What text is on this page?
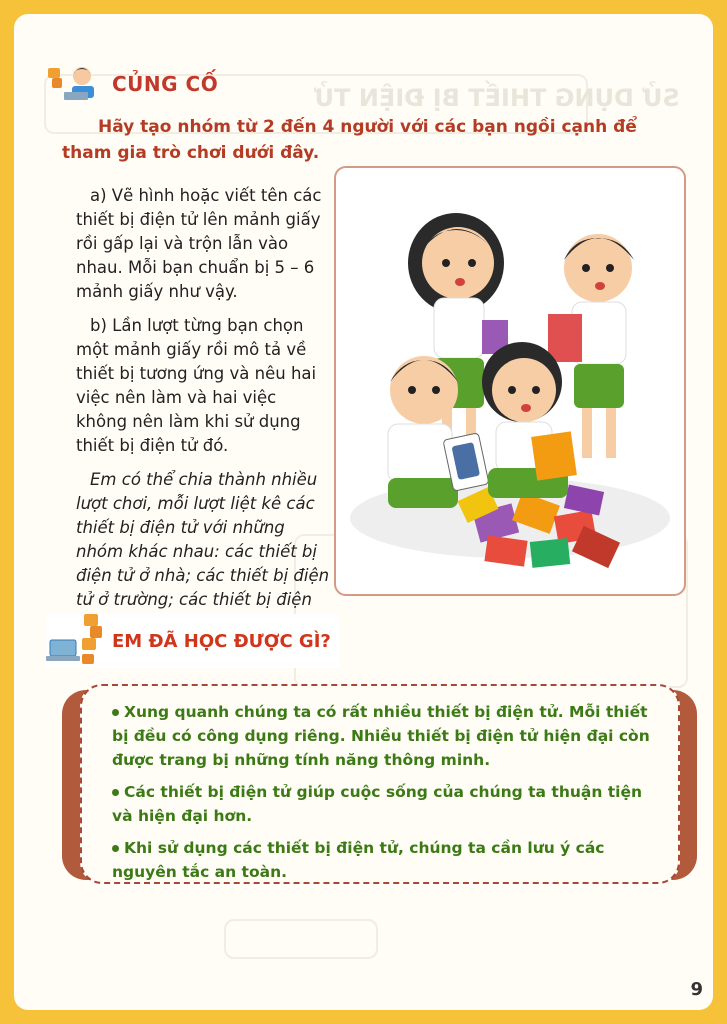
SỬ DỤNG THIẾT BỊ ĐIỆN TỬ
CỦNG CỐ
Hãy tạo nhóm từ 2 đến 4 người với các bạn ngồi cạnh để tham gia trò chơi dưới đây.

a) Vẽ hình hoặc viết tên các thiết bị điện tử lên mảnh giấy rồi gấp lại và trộn lẫn vào nhau. Mỗi bạn chuẩn bị 5 – 6 mảnh giấy như vậy.

b) Lần lượt từng bạn chọn một mảnh giấy rồi mô tả về thiết bị tương ứng và nêu hai việc nên làm và hai việc không nên làm khi sử dụng thiết bị điện tử đó.

Em có thể chia thành nhiều lượt chơi, mỗi lượt liệt kê các thiết bị điện tử với những nhóm khác nhau: các thiết bị điện tử ở nhà; các thiết bị điện tử ở trường; các thiết bị điện

EM ĐÃ HỌC ĐƯỢC GÌ?
Xung quanh chúng ta có rất nhiều thiết bị điện tử. Mỗi thiết bị đều có công dụng riêng. Nhiều thiết bị điện tử hiện đại còn được trang bị những tính năng thông minh.
Các thiết bị điện tử giúp cuộc sống của chúng ta thuận tiện và hiện đại hơn.
Khi sử dụng các thiết bị điện tử, chúng ta cần lưu ý các nguyên tắc an toàn.
9
